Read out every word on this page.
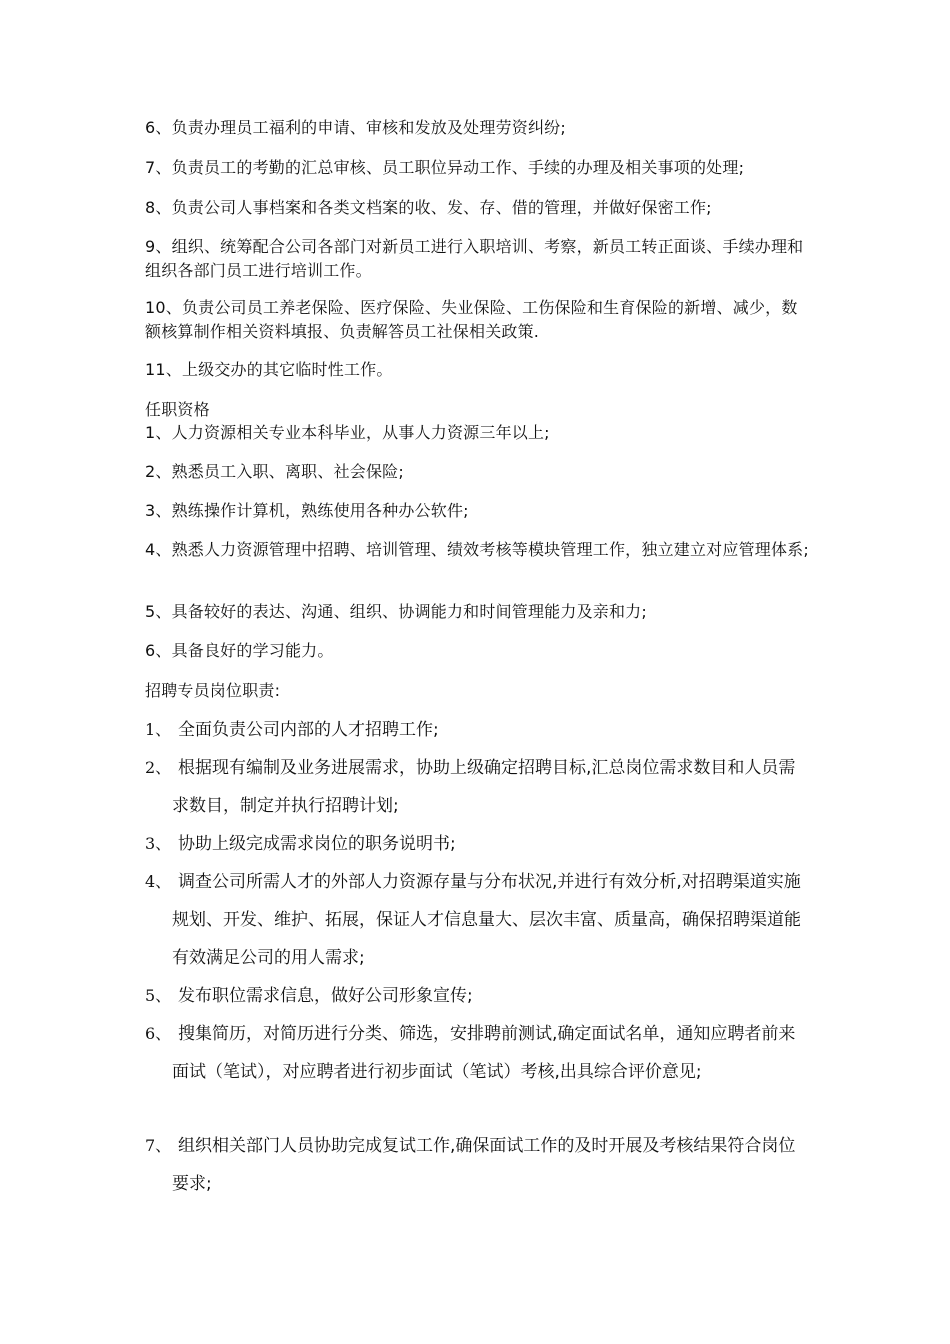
6、负责办理员工福利的申请、审核和发放及处理劳资纠纷;

7、负责员工的考勤的汇总审核、员工职位异动工作、手续的办理及相关事项的处理;

8、负责公司人事档案和各类文档案的收、发、存、借的管理，并做好保密工作;

9、组织、统筹配合公司各部门对新员工进行入职培训、考察，新员工转正面谈、手续办理和组织各部门员工进行培训工作。

10、负责公司员工养老保险、医疗保险、失业保险、工伤保险和生育保险的新增、减少，数额核算制作相关资料填报、负责解答员工社保相关政策.

11、上级交办的其它临时性工作。

任职资格

1、人力资源相关专业本科毕业，从事人力资源三年以上;

2、熟悉员工入职、离职、社会保险;

3、熟练操作计算机，熟练使用各种办公软件;

4、熟悉人力资源管理中招聘、培训管理、绩效考核等模块管理工作，独立建立对应管理体系;

5、具备较好的表达、沟通、组织、协调能力和时间管理能力及亲和力;

6、具备良好的学习能力。

招聘专员岗位职责:

1、 全面负责公司内部的人才招聘工作;
2、 根据现有编制及业务进展需求，协助上级确定招聘目标,汇总岗位需求数目和人员需求数目，制定并执行招聘计划;
3、 协助上级完成需求岗位的职务说明书;
4、 调查公司所需人才的外部人力资源存量与分布状况,并进行有效分析,对招聘渠道实施规划、开发、维护、拓展，保证人才信息量大、层次丰富、质量高，确保招聘渠道能有效满足公司的用人需求;
5、 发布职位需求信息，做好公司形象宣传;
6、 搜集简历，对简历进行分类、筛选，安排聘前测试,确定面试名单，通知应聘者前来面试（笔试），对应聘者进行初步面试（笔试）考核,出具综合评价意见;
7、 组织相关部门人员协助完成复试工作,确保面试工作的及时开展及考核结果符合岗位要求;
